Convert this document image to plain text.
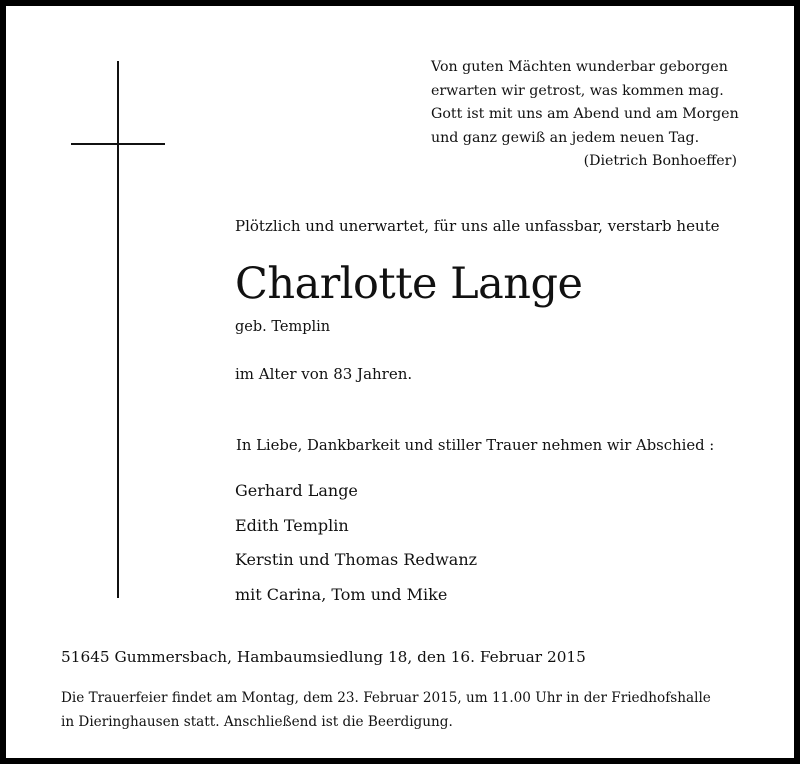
Von guten Mächten wunderbar geborgen
erwarten wir getrost, was kommen mag.
Gott ist mit uns am Abend und am Morgen
und ganz gewiß an jedem neuen Tag.
(Dietrich Bonhoeffer)
Plötzlich und unerwartet, für uns alle unfassbar, verstarb heute
Charlotte Lange
geb. Templin
im Alter von 83 Jahren.
In Liebe, Dankbarkeit und stiller Trauer nehmen wir Abschied :
Gerhard Lange
Edith Templin
Kerstin und Thomas Redwanz
mit Carina, Tom und Mike
51645 Gummersbach, Hambaumsiedlung 18, den 16. Februar 2015
Die Trauerfeier findet am Montag, dem 23. Februar 2015, um 11.00 Uhr in der Friedhofshalle
in Dieringhausen statt. Anschließend ist die Beerdigung.
